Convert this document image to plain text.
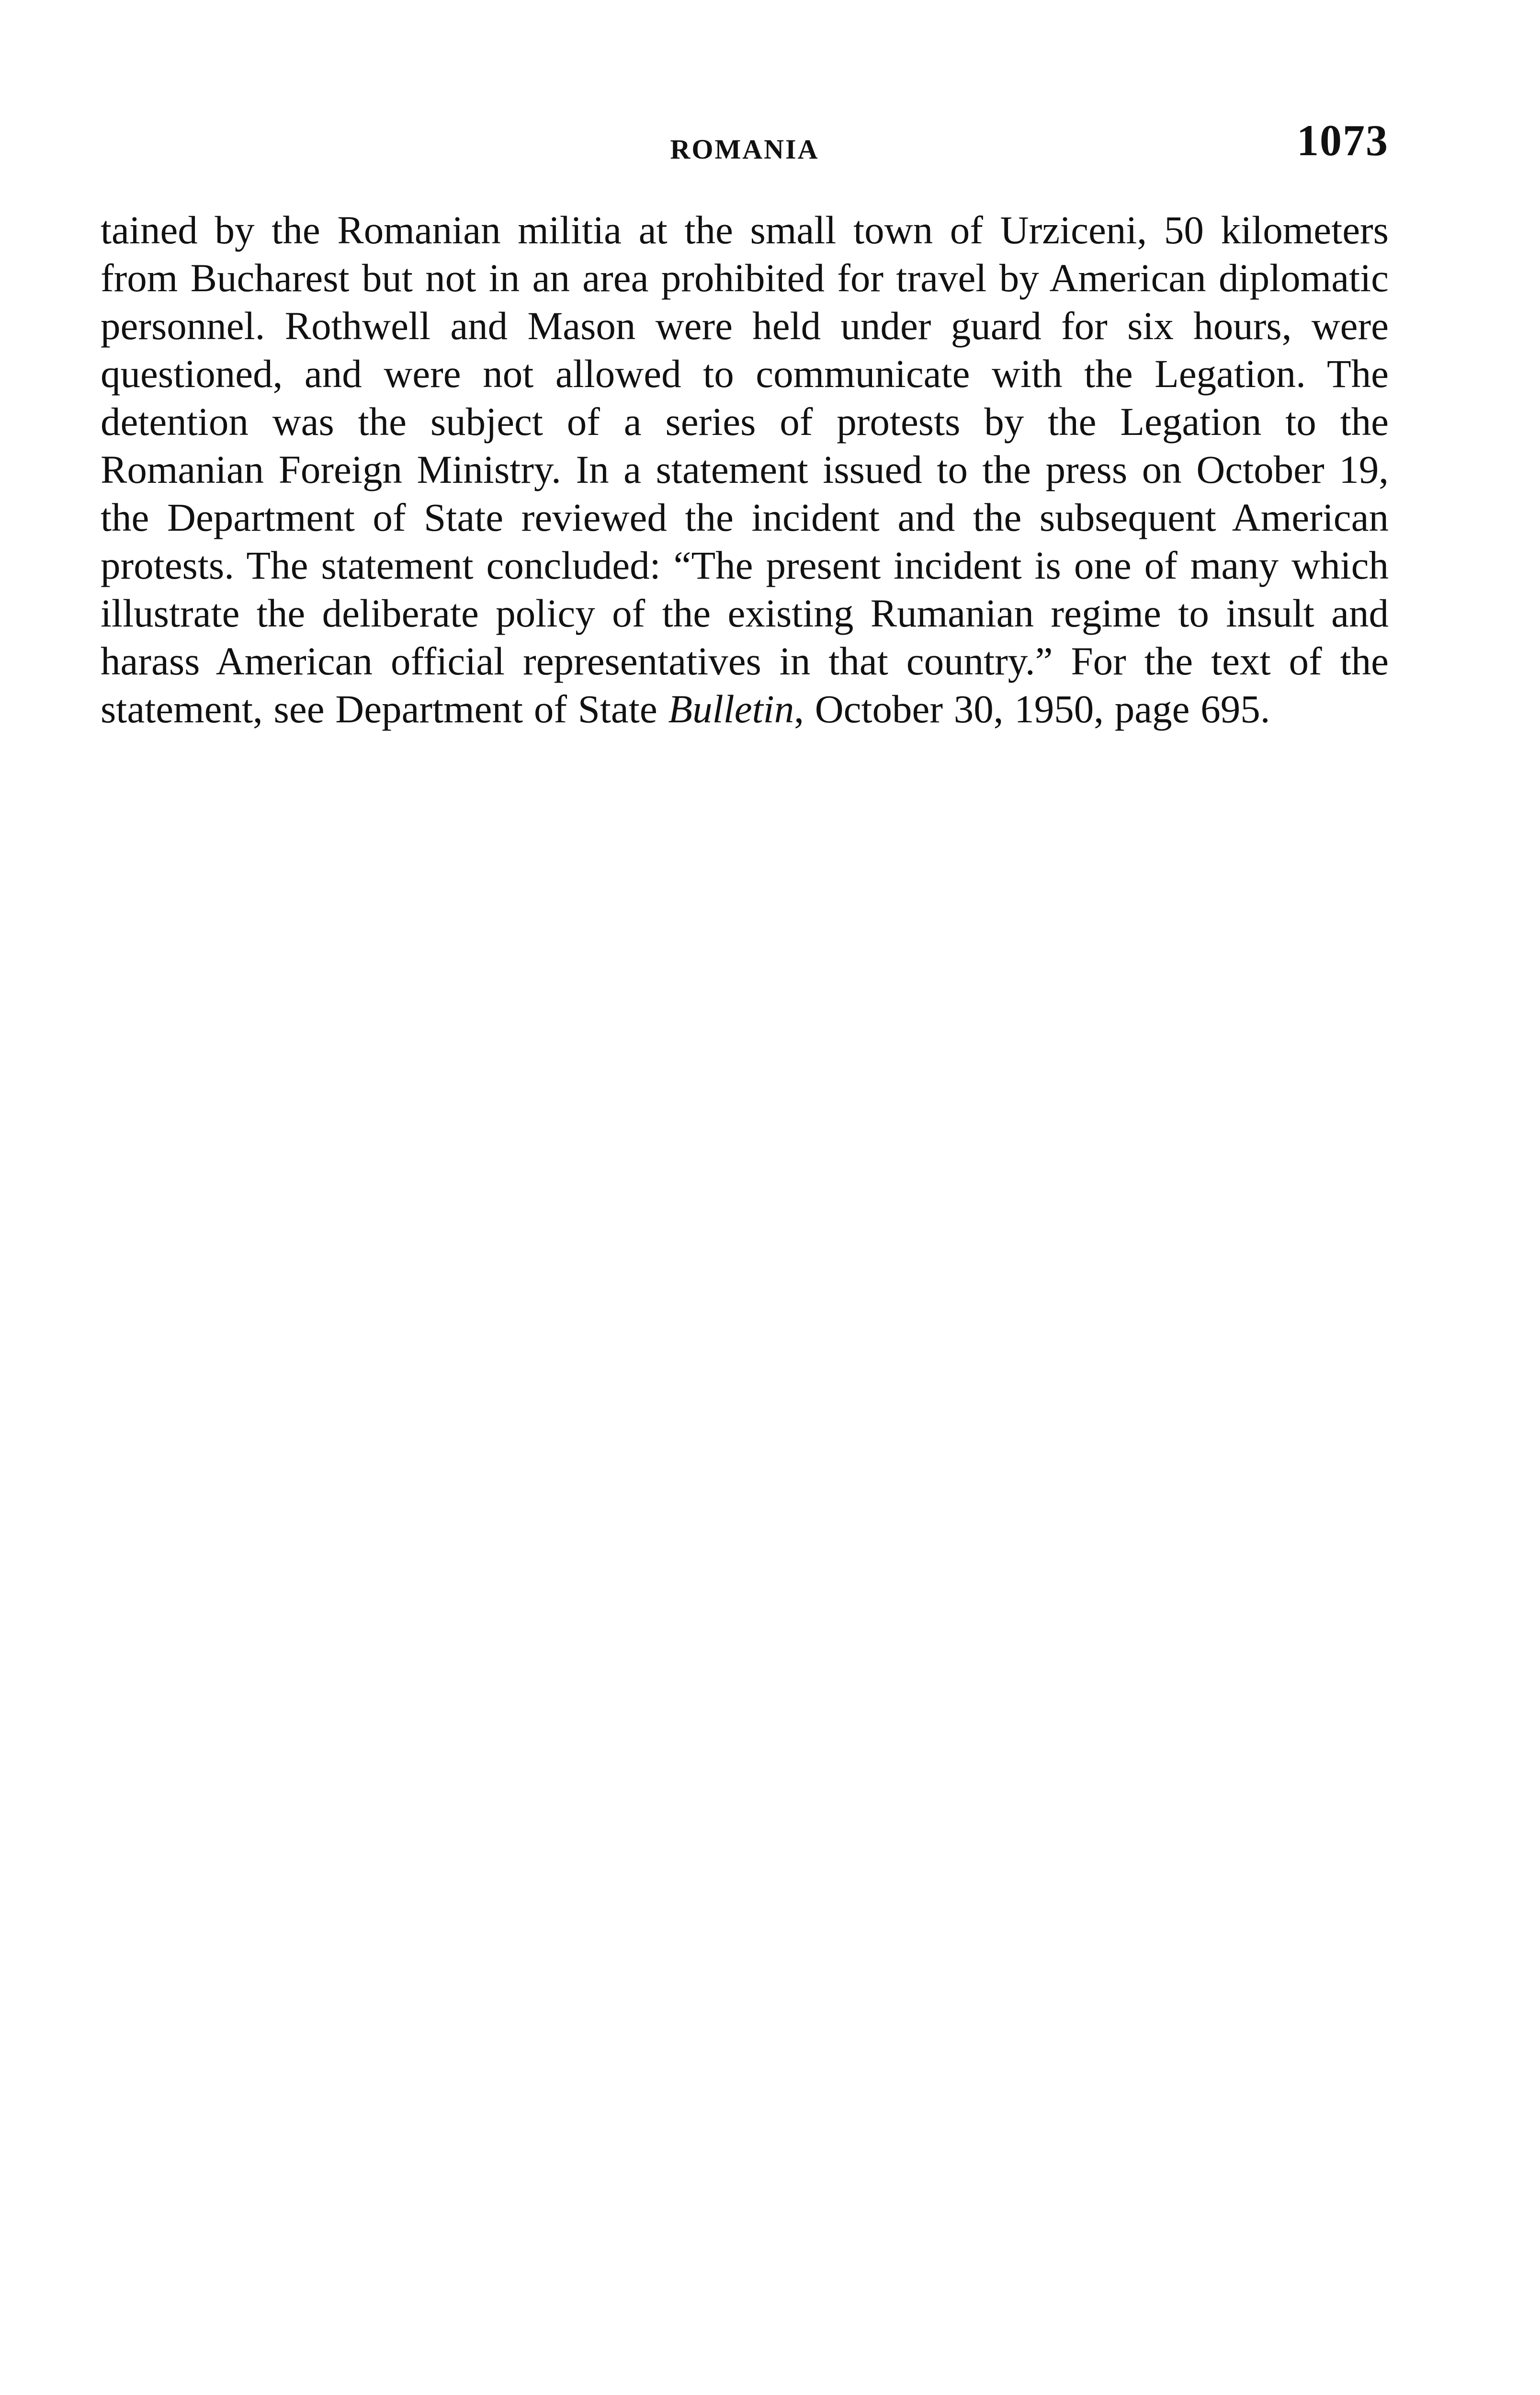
ROMANIA	1073

tained by the Romanian militia at the small town of Urziceni, 50 kilometers from Bucharest but not in an area prohibited for travel by American diplomatic personnel. Rothwell and Mason were held under guard for six hours, were questioned, and were not allowed to communicate with the Legation. The detention was the subject of a series of protests by the Legation to the Romanian Foreign Ministry. In a statement issued to the press on October 19, the Department of State reviewed the incident and the subsequent American protests. The statement concluded: “The present incident is one of many which illustrate the deliberate policy of the existing Rumanian regime to insult and harass American official representatives in that country.” For the text of the statement, see Department of State Bulletin, October 30, 1950, page 695.
